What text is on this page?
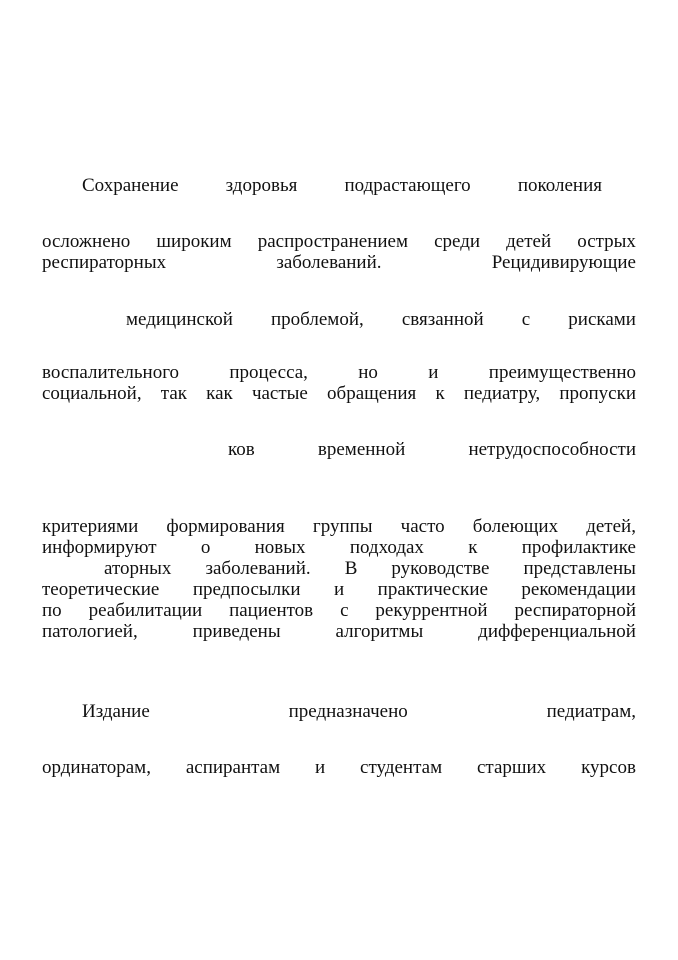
Сохранение здоровья подрастающего поколения
осложнено широким распространением среди детей острых
респираторных	заболеваний.	Рецидивирующие
медицинской проблемой, связанной с рисками
воспалительного	процесса,	но	и	преимущественно
социальной, так как частые обращения к педиатру, пропуски
ков	временной	нетрудоспособности
критериями формирования группы часто болеющих детей,
информируют о новых подходах к профилактике
аторных заболеваний. В руководстве представлены
теоретические предпосылки и практические рекомендации
по реабилитации пациентов с рекуррентной респираторной
патологией,	приведены	алгоритмы	дифференциальной
Издание	предназначено	педиатрам,
ординаторам, аспирантам и студентам старших курсов
